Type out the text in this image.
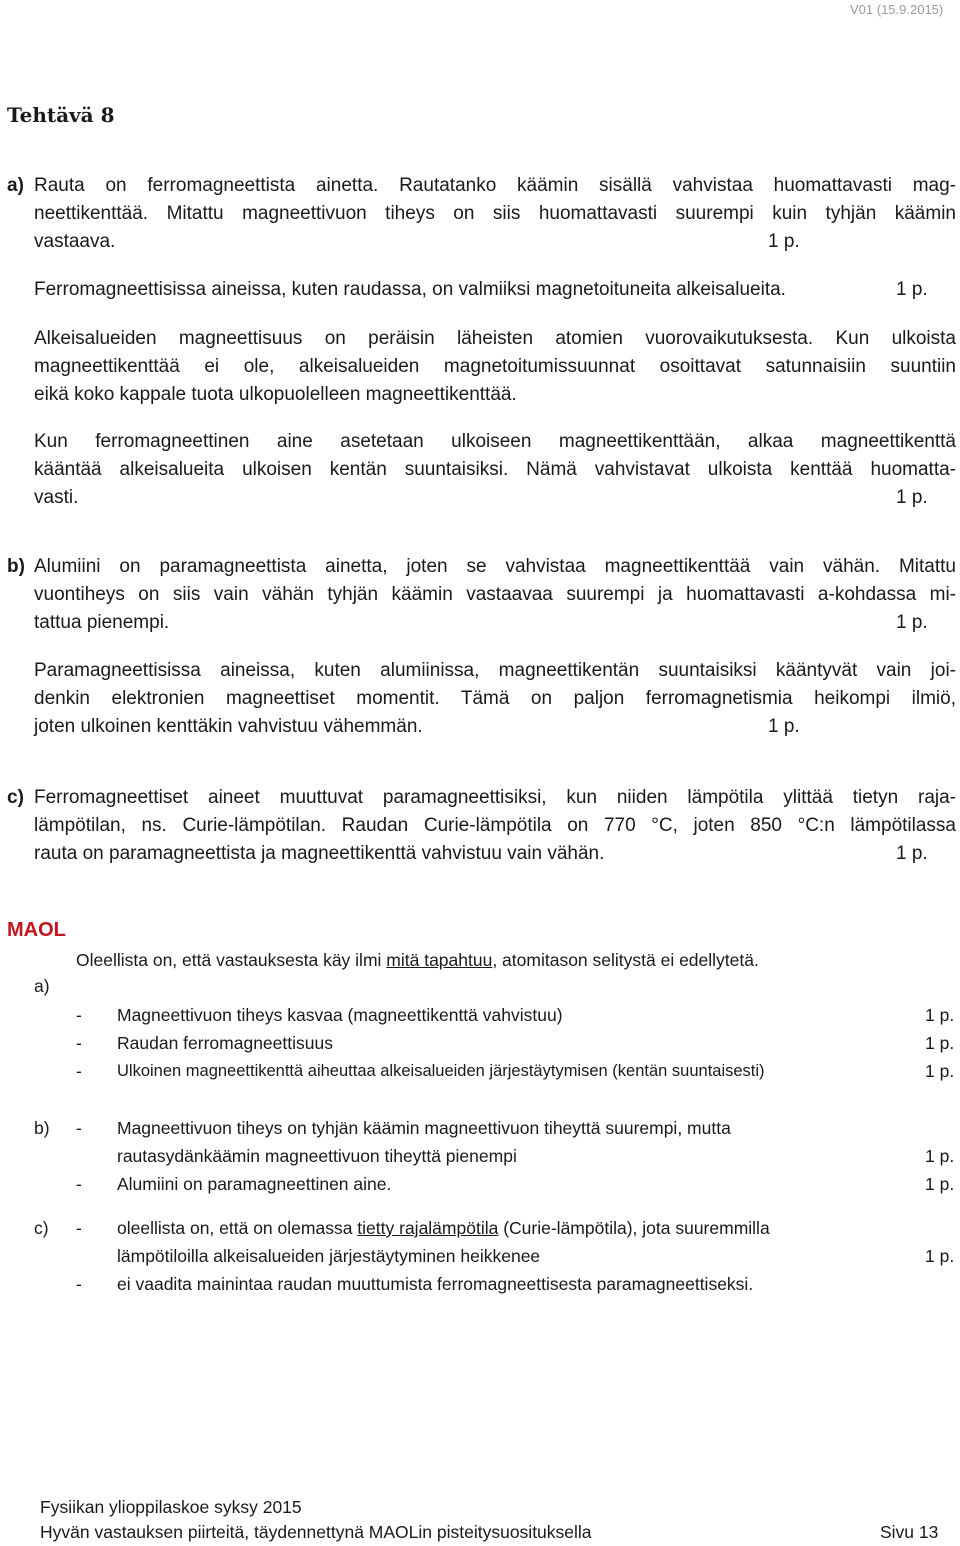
V01 (15.9.2015)
Tehtävä 8
a) Rauta on ferromagneettista ainetta. Rautatanko käämin sisällä vahvistaa huomattavasti mag-
neettikenttää. Mitattu magneettivuon tiheys on siis huomattavasti suurempi kuin tyhjän käämin
vastaava.	1 p.
Ferromagneettisissa aineissa, kuten raudassa, on valmiiksi magnetoituneita alkeisalueita.	1 p.
Alkeisalueiden magneettisuus on peräisin läheisten atomien vuorovaikutuksesta. Kun ulkoista
magneettikenttää ei ole, alkeisalueiden magnetoitumissuunnat osoittavat satunnaisiin suuntiin
eikä koko kappale tuota ulkopuolelleen magneettikenttää.
Kun ferromagneettinen aine asetetaan ulkoiseen magneettikenttään, alkaa magneettikenttä
kääntää alkeisalueita ulkoisen kentän suuntaisiksi. Nämä vahvistavat ulkoista kenttää huomatta-
vasti.	1 p.
b) Alumiini on paramagneettista ainetta, joten se vahvistaa magneettikenttää vain vähän. Mitattu
vuontiheys on siis vain vähän tyhjän käämin vastaavaa suurempi ja huomattavasti a-kohdassa mi-
tattua pienempi.	1 p.
Paramagneettisissa aineissa, kuten alumiinissa, magneettikentän suuntaisiksi kääntyvät vain joi-
denkin elektronien magneettiset momentit. Tämä on paljon ferromagnetismia heikompi ilmiö,
joten ulkoinen kenttäkin vahvistuu vähemmän.	1 p.
c) Ferromagneettiset aineet muuttuvat paramagneettisiksi, kun niiden lämpötila ylittää tietyn raja-
lämpötilan, ns. Curie-lämpötilan. Raudan Curie-lämpötila on 770 °C, joten 850 °C:n lämpötilassa
rauta on paramagneettista ja magneettikenttä vahvistuu vain vähän.	1 p.
MAOL
Oleellista on, että vastauksesta käy ilmi mitä tapahtuu, atomitason selitystä ei edellytetä.
a)
- Magneettivuon tiheys kasvaa (magneettikenttä vahvistuu)	1 p.
- Raudan ferromagneettisuus	1 p.
- Ulkoinen magneettikenttä aiheuttaa alkeisalueiden järjestäytymisen (kentän suuntaisesti)	1 p.
b) - Magneettivuon tiheys on tyhjän käämin magneettivuon tiheyttä suurempi, mutta
rautasydänkäämin magneettivuon tiheyttä pienempi	1 p.
- Alumiini on paramagneettinen aine.	1 p.
c) - oleellista on, että on olemassa tietty rajalämpötila (Curie-lämpötila), jota suuremmilla
lämpötiloilla alkeisalueiden järjestäytyminen heikkenee	1 p.
- ei vaadita mainintaa raudan muuttumista ferromagneettisesta paramagneettiseksi.
Fysiikan ylioppilaskoe syksy 2015
Hyvän vastauksen piirteitä, täydennettynä MAOLin pisteitysuosituksella	Sivu 13
